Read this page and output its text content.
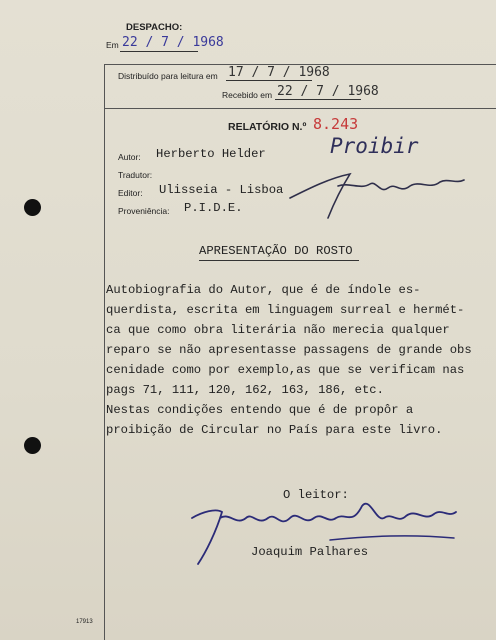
DESPACHO:
Em 22 / 7 / 1968
Distribuído para leitura em 17 / 7 / 1968
Recebido em 22 / 7 / 1968
RELATÓRIO N.º 8.243
Autor: Herberto Helder
Tradutor:
Editor: Ulisseia - Lisboa
Proveniência: P.I.D.E.
Proibir
APRESENTAÇÃO DO ROSTO
Autobiografia do Autor, que é de índole es-
querdista, escrita em linguagem surreal e hermét-
ca que como obra literária não merecia qualquer
reparo se não apresentasse passagens de grande obs
cenidade como por exemplo,as que se verificam nas
pags 71, 111, 120, 162, 163, 186, etc.
Nestas condições entendo que é de propôr a
proibição de Circular no País para este livro.
O leitor:
Joaquim Palhares
17913
